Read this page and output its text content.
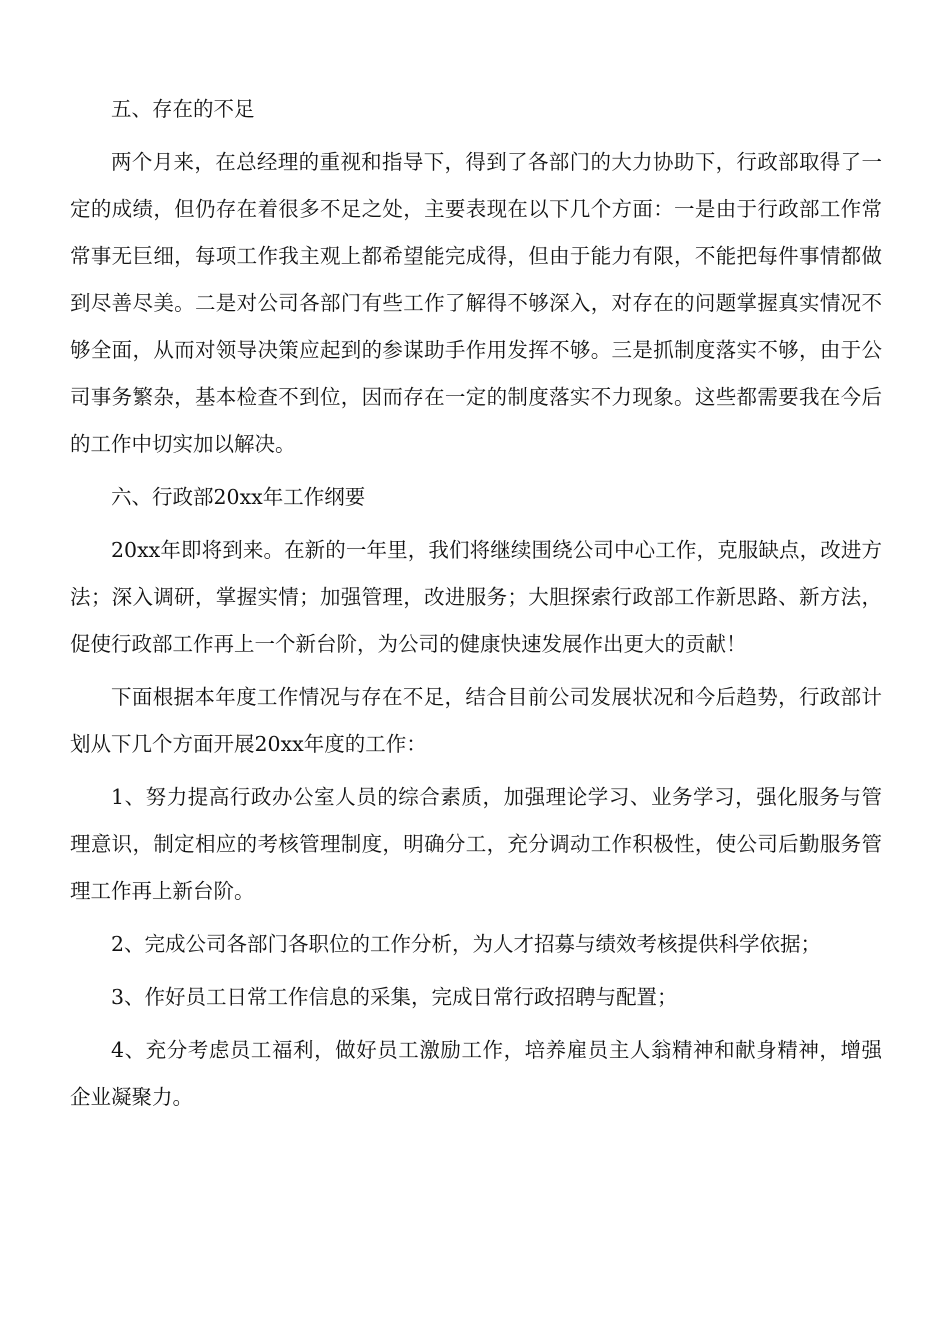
五、存在的不足

两个月来，在总经理的重视和指导下，得到了各部门的大力协助下，行政部取得了一定的成绩，但仍存在着很多不足之处，主要表现在以下几个方面：一是由于行政部工作常常事无巨细，每项工作我主观上都希望能完成得，但由于能力有限，不能把每件事情都做到尽善尽美。二是对公司各部门有些工作了解得不够深入，对存在的问题掌握真实情况不够全面，从而对领导决策应起到的参谋助手作用发挥不够。三是抓制度落实不够，由于公司事务繁杂，基本检查不到位，因而存在一定的制度落实不力现象。这些都需要我在今后的工作中切实加以解决。

六、行政部20xx年工作纲要

20xx年即将到来。在新的一年里，我们将继续围绕公司中心工作，克服缺点，改进方法；深入调研，掌握实情；加强管理，改进服务；大胆探索行政部工作新思路、新方法，促使行政部工作再上一个新台阶，为公司的健康快速发展作出更大的贡献！

下面根据本年度工作情况与存在不足，结合目前公司发展状况和今后趋势，行政部计划从下几个方面开展20xx年度的工作：

1、努力提高行政办公室人员的综合素质，加强理论学习、业务学习，强化服务与管理意识，制定相应的考核管理制度，明确分工，充分调动工作积极性，使公司后勤服务管理工作再上新台阶。

2、完成公司各部门各职位的工作分析，为人才招募与绩效考核提供科学依据；

3、作好员工日常工作信息的采集，完成日常行政招聘与配置；

4、充分考虑员工福利，做好员工激励工作，培养雇员主人翁精神和献身精神，增强企业凝聚力。
